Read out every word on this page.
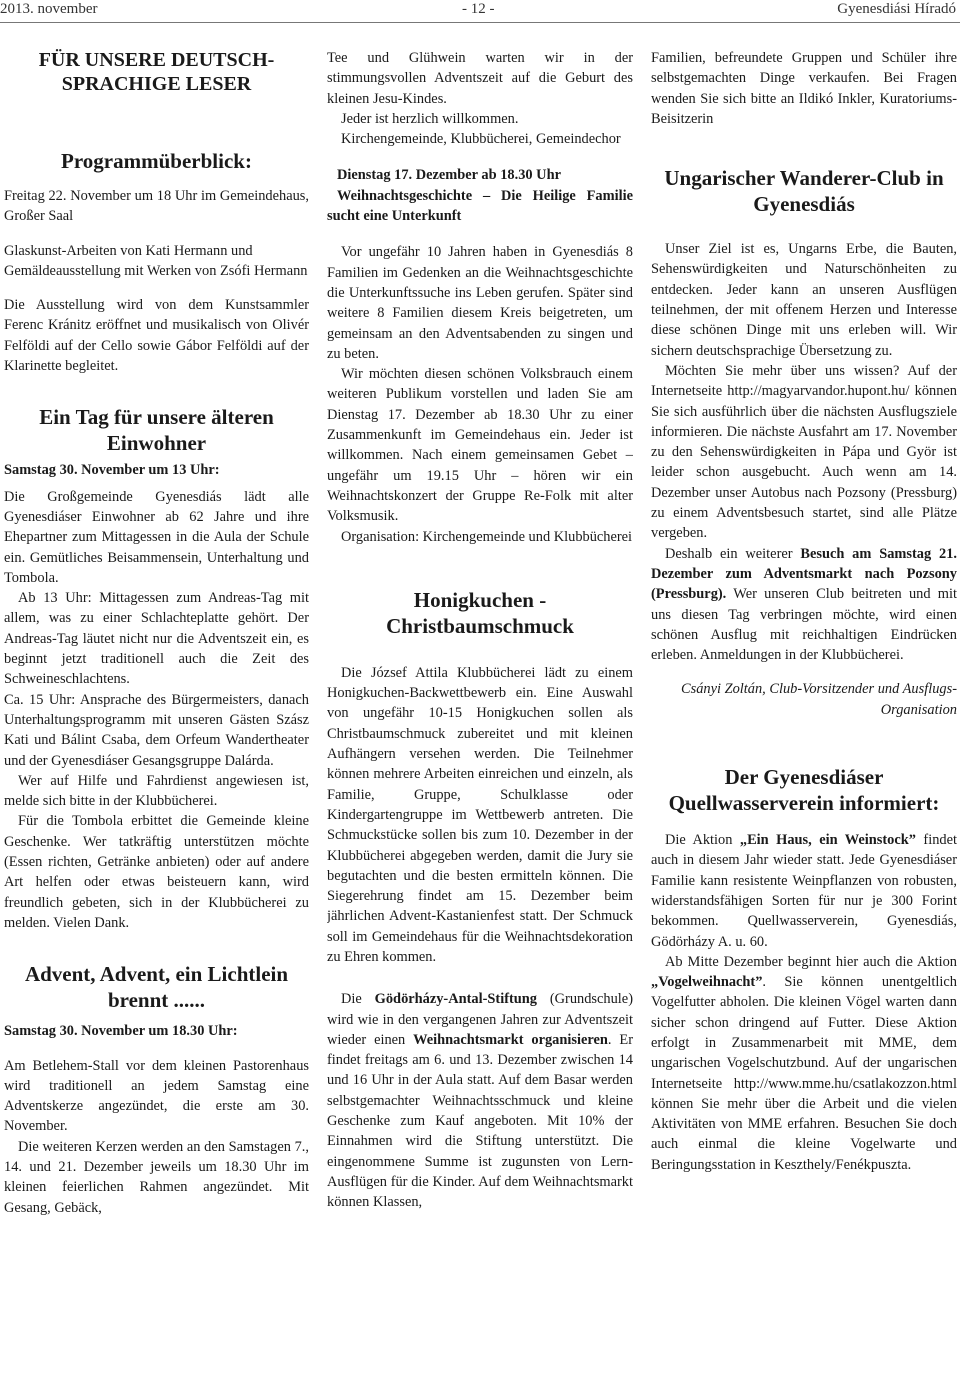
2013. november	- 12 -	Gyenesdiási Híradó
FÜR UNSERE DEUTSCH-SPRACHIGE LESER
Programmüberblick:

Freitag 22. November um 18 Uhr im Gemeindehaus, Großer Saal

Glaskunst-Arbeiten von Kati Hermann und

Gemäldeausstellung mit Werken von Zsófi Hermann

Die Ausstellung wird von dem Kunstsammler Ferenc Kránitz eröffnet und musikalisch von Olivér Felföldi auf der Cello sowie Gábor Felföldi auf der Klarinette begleitet.

Ein Tag für unsere älteren Einwohner
Samstag 30. November um 13 Uhr:

Die Großgemeinde Gyenesdiás lädt alle Gyenesdiáser Einwohner ab 62 Jahre und ihre Ehepartner zum Mittagessen in die Aula der Schule ein. Gemütliches Beisammensein, Unterhaltung und Tombola.

Ab 13 Uhr: Mittagessen zum Andreas-Tag mit allem, was zu einer Schlachteplatte gehört. Der Andreas-Tag läutet nicht nur die Adventszeit ein, es beginnt jetzt traditionell auch die Zeit des Schweineschlachtens.

Ca. 15 Uhr: Ansprache des Bürgermeisters, danach Unterhaltungsprogramm mit unseren Gästen Szász Kati und Bálint Csaba, dem Orfeum Wandertheater und der Gyenesdiáser Gesangsgruppe Dalárda.

Wer auf Hilfe und Fahrdienst angewiesen ist, melde sich bitte in der Klubbücherei.

Für die Tombola erbittet die Gemeinde kleine Geschenke. Wer tatkräftig unterstützen möchte (Essen richten, Getränke anbieten) oder auf andere Art helfen oder etwas beisteuern kann, wird freundlich gebeten, sich in der Klubbücherei zu melden. Vielen Dank.

Advent, Advent, ein Lichtlein brennt ......
Samstag 30. November um 18.30 Uhr:

Am Betlehem-Stall vor dem kleinen Pastorenhaus wird traditionell an jedem Samstag eine Adventskerze angezündet, die erste am 30. November.

Die weiteren Kerzen werden an den Samstagen 7., 14. und 21. Dezember jeweils um 18.30 Uhr im kleinen feierlichen Rahmen angezündet. Mit Gesang, Gebäck,

Tee und Glühwein warten wir in der stimmungsvollen Adventszeit auf die Geburt des kleinen Jesu-Kindes.

Jeder ist herzlich willkommen.

Kirchengemeinde, Klubbücherei, Gemeindechor

Dienstag 17. Dezember ab 18.30 Uhr
Weihnachtsgeschichte – Die Heilige Familie sucht eine Unterkunft

Vor ungefähr 10 Jahren haben in Gyenesdiás 8 Familien im Gedenken an die Weihnachtsgeschichte die Unterkunftssuche ins Leben gerufen. Später sind weitere 8 Familien diesem Kreis beigetreten, um gemeinsam an den Adventsabenden zu singen und zu beten.

Wir möchten diesen schönen Volksbrauch einem weiteren Publikum vorstellen und laden Sie am Dienstag 17. Dezember ab 18.30 Uhr zu einer Zusammenkunft im Gemeindehaus ein. Jeder ist willkommen. Nach einem gemeinsamen Gebet – ungefähr um 19.15 Uhr – hören wir ein Weihnachtskonzert der Gruppe Re-Folk mit alter Volksmusik.

Organisation: Kirchengemeinde und Klubbücherei

Honigkuchen - Christbaumschmuck

Die József Attila Klubbücherei lädt zu einem Honigkuchen-Backwettbewerb ein. Eine Auswahl von ungefähr 10-15 Honigkuchen sollen als Christbaumschmuck zubereitet und mit kleinen Aufhängern versehen werden. Die Teilnehmer können mehrere Arbeiten einreichen und einzeln, als Familie, Gruppe, Schulklasse oder Kindergartengruppe im Wettbewerb antreten. Die Schmuckstücke sollen bis zum 10. Dezember in der Klubbücherei abgegeben werden, damit die Jury sie begutachten und die besten ermitteln können. Die Siegerehrung findet am 15. Dezember beim jährlichen Advent-Kastanienfest statt. Der Schmuck soll im Gemeindehaus für die Weihnachtsdekoration zu Ehren kommen.

Die Gödörházy-Antal-Stiftung (Grundschule) wird wie in den vergangenen Jahren zur Adventszeit wieder einen Weihnachtsmarkt organisieren. Er findet freitags am 6. und 13. Dezember zwischen 14 und 16 Uhr in der Aula statt. Auf dem Basar werden selbstgemachter Weihnachtsschmuck und kleine Geschenke zum Kauf angeboten. Mit 10% der Einnahmen wird die Stiftung unterstützt. Die eingenommene Summe ist zugunsten von Lern-Ausflügen für die Kinder. Auf dem Weihnachtsmarkt können Klassen,

Familien, befreundete Gruppen und Schüler ihre selbstgemachten Dinge verkaufen. Bei Fragen wenden Sie sich bitte an Ildikó Inkler, Kuratoriums-Beisitzerin

Ungarischer Wanderer-Club in Gyenesdiás

Unser Ziel ist es, Ungarns Erbe, die Bauten, Sehenswürdigkeiten und Naturschönheiten zu entdecken. Jeder kann an unseren Ausflügen teilnehmen, der mit offenem Herzen und Interesse diese schönen Dinge mit uns erleben will. Wir sichern deutschsprachige Übersetzung zu.

Möchten Sie mehr über uns wissen? Auf der Internetseite http://magyarvandor.hupont.hu/ können Sie sich ausführlich über die nächsten Ausflugsziele informieren. Die nächste Ausfahrt am 17. November zu den Sehenswürdigkeiten in Pápa und Györ ist leider schon ausgebucht. Auch wenn am 14. Dezember unser Autobus nach Pozsony (Pressburg) zu einem Adventsbesuch startet, sind alle Plätze vergeben.

Deshalb ein weiterer Besuch am Samstag 21. Dezember zum Adventsmarkt nach Pozsony (Pressburg). Wer unseren Club beitreten und mit uns diesen Tag verbringen möchte, wird einen schönen Ausflug mit reichhaltigen Eindrücken erleben. Anmeldungen in der Klubbücherei.

Csányi Zoltán, Club-Vorsitzender und Ausflugs-Organisation

Der Gyenesdiáser Quellwasserverein informiert:

Die Aktion „Ein Haus, ein Weinstock” findet auch in diesem Jahr wieder statt. Jede Gyenesdiáser Familie kann resistente Weinpflanzen von robusten, widerstandsfähigen Sorten für nur je 300 Forint bekommen. Quellwasserverein, Gyenesdiás, Gödörházy A. u. 60.

Ab Mitte Dezember beginnt hier auch die Aktion „Vogelweihnacht”. Sie können unentgeltlich Vogelfutter abholen. Die kleinen Vögel warten dann sicher schon dringend auf Futter. Diese Aktion erfolgt in Zusammenarbeit mit MME, dem ungarischen Vogelschutzbund. Auf der ungarischen Internetseite http://www.mme.hu/csatlakozzon.html können Sie mehr über die Arbeit und die vielen Aktivitäten von MME erfahren. Besuchen Sie doch auch einmal die kleine Vogelwarte und Beringungsstation in Keszthely/Fenékpuszta.
